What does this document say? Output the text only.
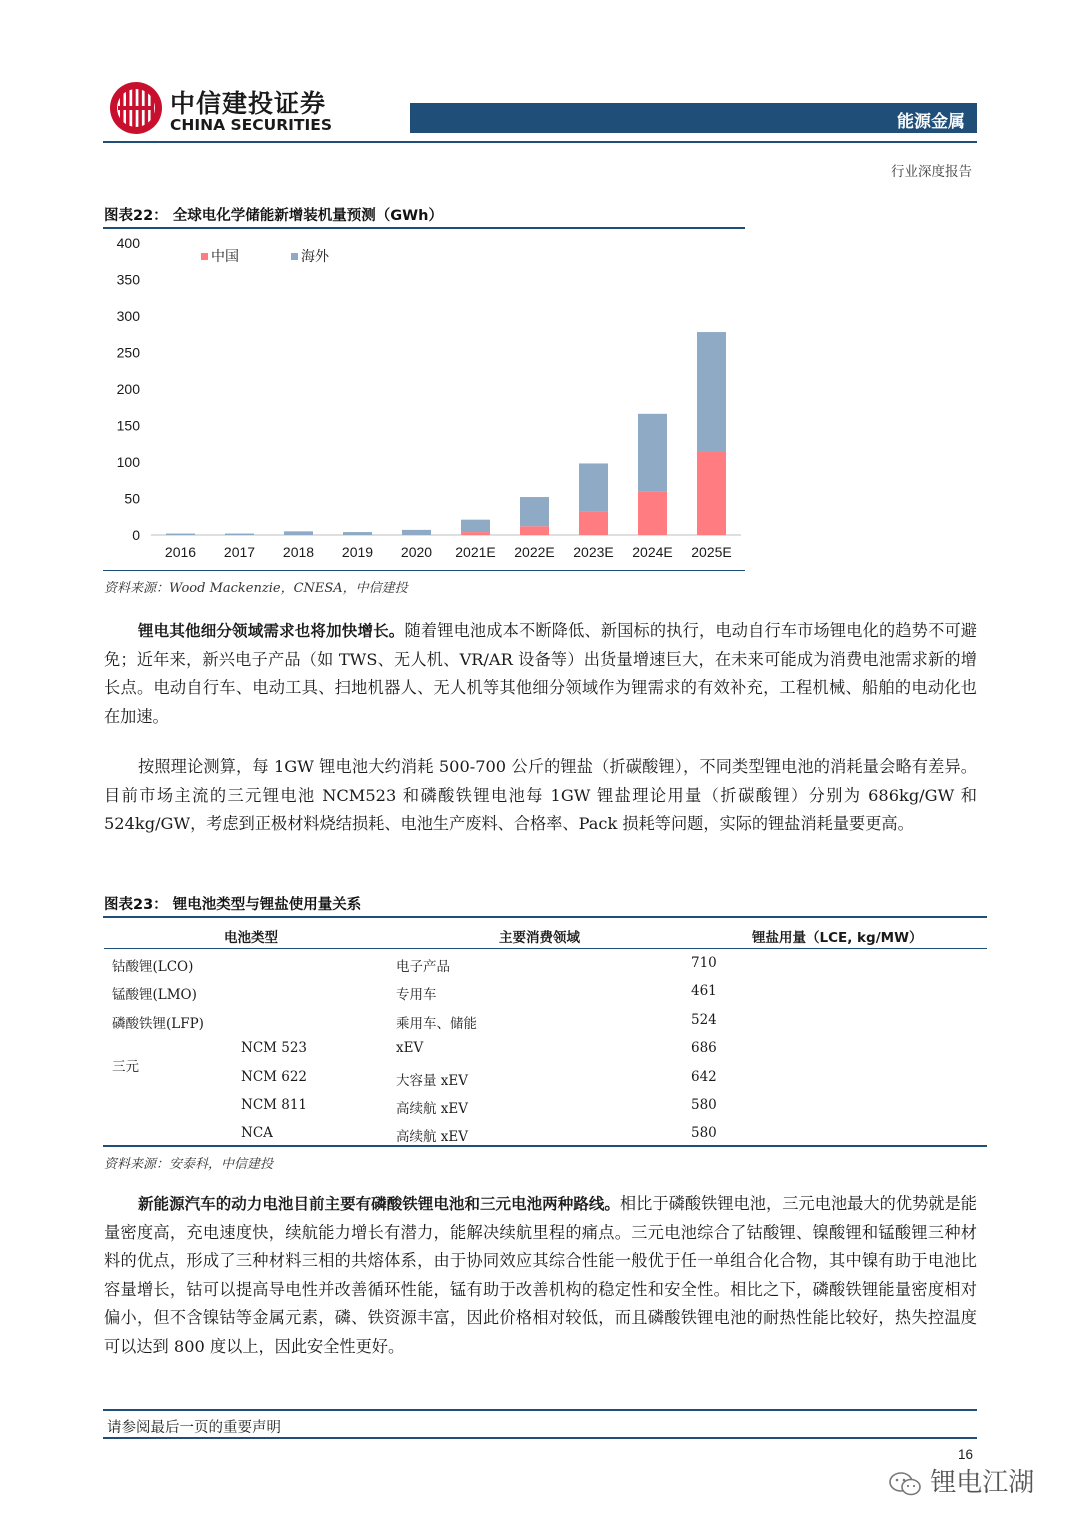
中信建投证券
CHINA SECURITIES	能源金属
行业深度报告
图表22： 全球电化学储能新增装机量预测（GWh）
0
50
100
150
200
250
300
350
400
2016 2017 2018 2019 2020 2021E 2022E 2023E 2024E 2025E
中国	海外
资料来源：Wood Mackenzie，CNESA，中信建投
锂电其他细分领域需求也将加快增长。随着锂电池成本不断降低、新国标的执行，电动自行车市场锂电化的趋势不可避免；近年来，新兴电子产品（如 TWS、无人机、VR/AR 设备等）出货量增速巨大，在未来可能成为消费电池需求新的增长点。电动自行车、电动工具、扫地机器人、无人机等其他细分领域作为锂需求的有效补充，工程机械、船舶的电动化也在加速。
按照理论测算，每 1GW 锂电池大约消耗 500-700 公斤的锂盐（折碳酸锂），不同类型锂电池的消耗量会略有差异。目前市场主流的三元锂电池 NCM523 和磷酸铁锂电池每 1GW 锂盐理论用量（折碳酸锂）分别为 686kg/GW 和 524kg/GW，考虑到正极材料烧结损耗、电池生产废料、合格率、Pack 损耗等问题，实际的锂盐消耗量要更高。
图表23： 锂电池类型与锂盐使用量关系
电池类型	主要消费领域	锂盐用量（LCE, kg/MW）
钴酸锂(LCO)	电子产品	710
锰酸锂(LMO)	专用车	461
磷酸铁锂(LFP)	乘用车、储能	524
NCM 523	xEV	686
三元
NCM 622	大容量 xEV	642
NCM 811	高续航 xEV	580
NCA	高续航 xEV	580
资料来源：安泰科，中信建投
新能源汽车的动力电池目前主要有磷酸铁锂电池和三元电池两种路线。相比于磷酸铁锂电池，三元电池最大的优势就是能量密度高，充电速度快，续航能力增长有潜力，能解决续航里程的痛点。三元电池综合了钴酸锂、镍酸锂和锰酸锂三种材料的优点，形成了三种材料三相的共熔体系，由于协同效应其综合性能一般优于任一单组合化合物，其中镍有助于电池比容量增长，钴可以提高导电性并改善循环性能，锰有助于改善机构的稳定性和安全性。相比之下，磷酸铁锂能量密度相对偏小，但不含镍钴等金属元素，磷、铁资源丰富，因此价格相对较低，而且磷酸铁锂电池的耐热性能比较好，热失控温度可以达到 800 度以上，因此安全性更好。
请参阅最后一页的重要声明
16
锂电江湖
